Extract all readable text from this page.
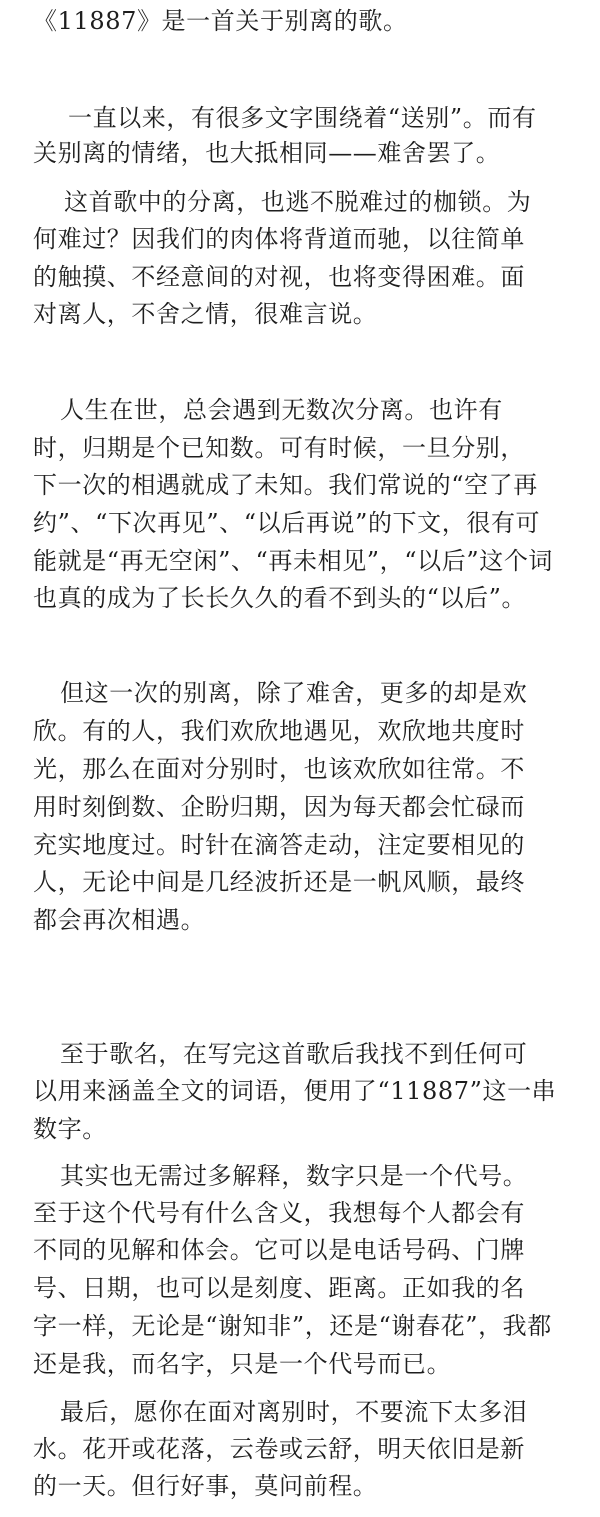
《11887》是一首关于别离的歌。
一直以来，有很多文字围绕着“送别”。而有
关别离的情绪，也大抵相同——难舍罢了。
这首歌中的分离，也逃不脱难过的枷锁。为
何难过？因我们的肉体将背道而驰，以往简单
的触摸、不经意间的对视，也将变得困难。面
对离人，不舍之情，很难言说。
人生在世，总会遇到无数次分离。也许有
时，归期是个已知数。可有时候，一旦分别，
下一次的相遇就成了未知。我们常说的“空了再
约”、“下次再见”、“以后再说”的下文，很有可
能就是“再无空闲”、“再未相见”，“以后”这个词
也真的成为了长长久久的看不到头的“以后”。
但这一次的别离，除了难舍，更多的却是欢
欣。有的人，我们欢欣地遇见，欢欣地共度时
光，那么在面对分别时，也该欢欣如往常。不
用时刻倒数、企盼归期，因为每天都会忙碌而
充实地度过。时针在滴答走动，注定要相见的
人，无论中间是几经波折还是一帆风顺，最终
都会再次相遇。
至于歌名，在写完这首歌后我找不到任何可
以用来涵盖全文的词语，便用了“11887”这一串
数字。
其实也无需过多解释，数字只是一个代号。
至于这个代号有什么含义，我想每个人都会有
不同的见解和体会。它可以是电话号码、门牌
号、日期，也可以是刻度、距离。正如我的名
字一样，无论是“谢知非”，还是“谢春花”，我都
还是我，而名字，只是一个代号而已。
最后，愿你在面对离别时，不要流下太多泪
水。花开或花落，云卷或云舒，明天依旧是新
的一天。但行好事，莫问前程。
